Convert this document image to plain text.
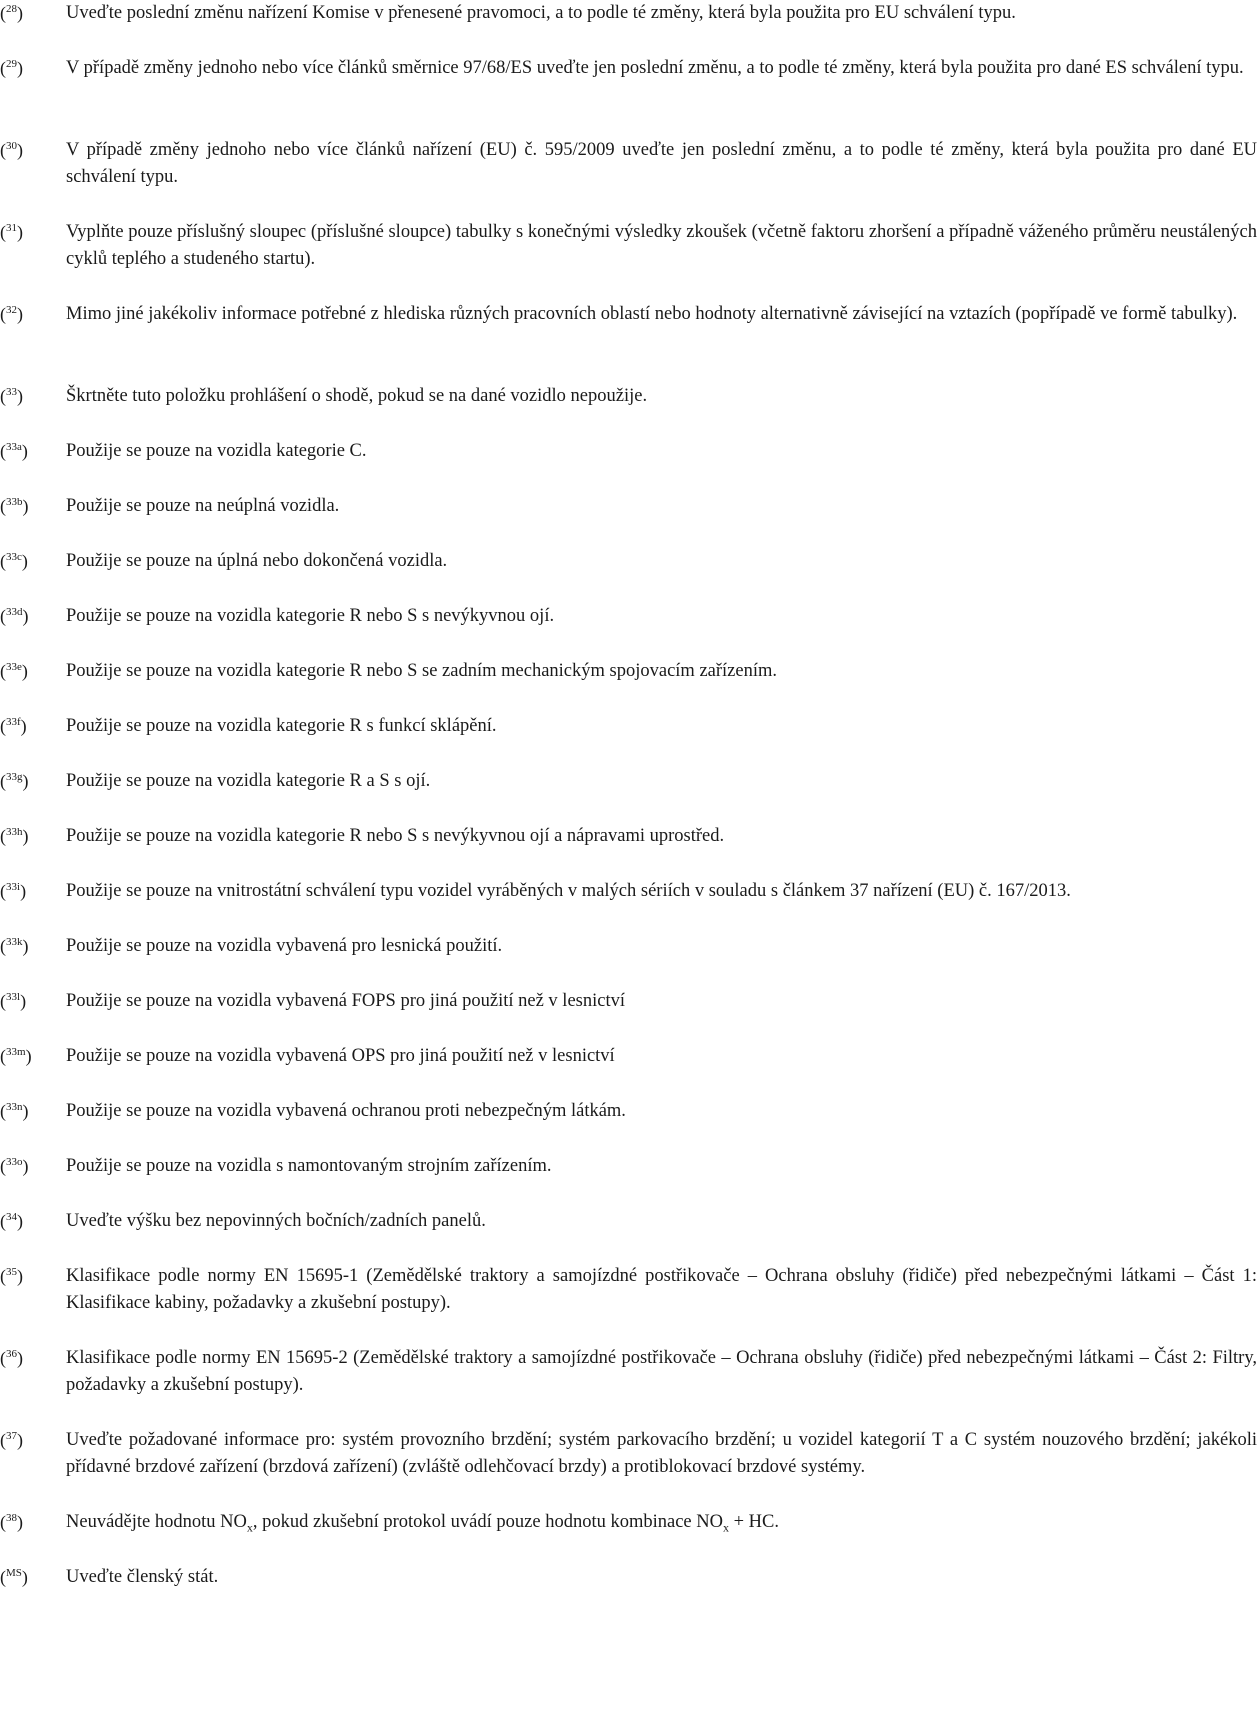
($^{28}$) Uveďte poslední změnu nařízení Komise v přenesené pravomoci, a to podle té změny, která byla použita pro EU schválení typu.
($^{29}$) V případě změny jednoho nebo více článků směrnice 97/68/ES uveďte jen poslední změnu, a to podle té změny, která byla použita pro dané ES schválení typu.
($^{30}$) V případě změny jednoho nebo více článků nařízení (EU) č. 595/2009 uveďte jen poslední změnu, a to podle té změny, která byla použita pro dané EU schválení typu.
($^{31}$) Vyplňte pouze příslušný sloupec (příslušné sloupce) tabulky s konečnými výsledky zkoušek (včetně faktoru zhoršení a případně váženého průměru neustálených cyklů teplého a studeného startu).
($^{32}$) Mimo jiné jakékoliv informace potřebné z hlediska různých pracovních oblastí nebo hodnoty alternativně závisející na vztazích (popřípadě ve formě tabulky).
($^{33}$) Škrtněte tuto položku prohlášení o shodě, pokud se na dané vozidlo nepoužije.
($^{33a}$) Použije se pouze na vozidla kategorie C.
($^{33b}$) Použije se pouze na neúplná vozidla.
($^{33c}$) Použije se pouze na úplná nebo dokončená vozidla.
($^{33d}$) Použije se pouze na vozidla kategorie R nebo S s nevýkyvnou ojí.
($^{33e}$) Použije se pouze na vozidla kategorie R nebo S se zadním mechanickým spojovacím zařízením.
($^{33f}$) Použije se pouze na vozidla kategorie R s funkcí sklápění.
($^{33g}$) Použije se pouze na vozidla kategorie R a S s ojí.
($^{33h}$) Použije se pouze na vozidla kategorie R nebo S s nevýkyvnou ojí a nápravami uprostřed.
($^{33i}$) Použije se pouze na vnitrostátní schválení typu vozidel vyráběných v malých sériích v souladu s článkem 37 nařízení (EU) č. 167/2013.
($^{33k}$) Použije se pouze na vozidla vybavená pro lesnická použití.
($^{33l}$) Použije se pouze na vozidla vybavená FOPS pro jiná použití než v lesnictví
($^{33m}$) Použije se pouze na vozidla vybavená OPS pro jiná použití než v lesnictví
($^{33n}$) Použije se pouze na vozidla vybavená ochranou proti nebezpečným látkám.
($^{33o}$) Použije se pouze na vozidla s namontovaným strojním zařízením.
($^{34}$) Uveďte výšku bez nepovinných bočních/zadních panelů.
($^{35}$) Klasifikace podle normy EN 15695-1 (Zemědělské traktory a samojízdné postřikovače – Ochrana obsluhy (řidiče) před nebezpečnými látkami – Část 1: Klasifikace kabiny, požadavky a zkušební postupy).
($^{36}$) Klasifikace podle normy EN 15695-2 (Zemědělské traktory a samojízdné postřikovače – Ochrana obsluhy (řidiče) před nebezpečnými látkami – Část 2: Filtry, požadavky a zkušební postupy).
($^{37}$) Uveďte požadované informace pro: systém provozního brzdění; systém parkovacího brzdění; u vozidel kategorií T a C systém nouzového brzdění; jakékoli přídavné brzdové zařízení (brzdová zařízení) (zvláště odlehčovací brzdy) a protiblokovací brzdové systémy.
($^{38}$) Neuvádějte hodnotu $NO_x$, pokud zkušební protokol uvádí pouze hodnotu kombinace $NO_x$ + HC.
($^{MS}$) Uveďte členský stát.
